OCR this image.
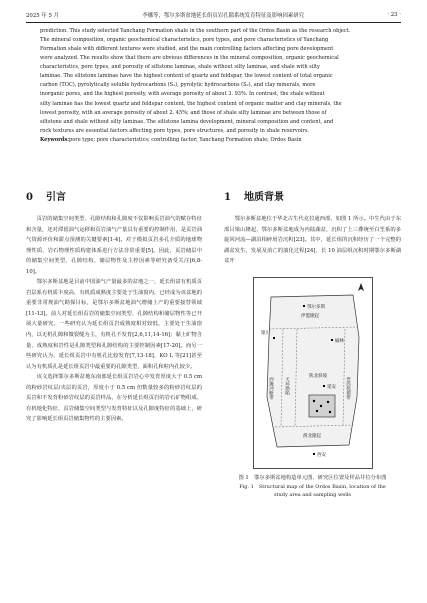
2025 年 5 月	李娜等，鄂尔多斯盆地延长组页岩孔隙系统发育特征及影响因素研究	· 23 ·

prediction. This study selected Yanchang Formation shale in the southern part of the Ordos Basin as the research object.

The mineral composition, organic geochemical characteristics, pore types, and pore characteristics of Yanchang

Formation shale with different textures were studied, and the main controlling factors affecting pore development

were analyzed. The results show that there are obvious differences in the mineral composition, organic geochemical

characteristics, pore types, and porosity of siltstone laminae, shale without silty laminae, and shale with silty

laminae. The siltstone laminae have the highest content of quartz and feldspar, the lowest content of total organic

carbon (TOC), pyrolytically soluble hydrocarbons (S₁), pyrolytic hydrocarbons (S₂), and clay minerals, more

inorganic pores, and the highest porosity, with average porosity of about 3. 93%. In contrast, the shale without

silty laminae has the lowest quartz and feldspar content, the highest content of organic matter and clay minerals, the

lowest porosity, with an average porosity of about 2. 45%; and those of shale silty laminae are between those of

siltstone and shale without silty laminae. The siltstone lamina development, mineral composition and content, and

rock textures are essential factors affecting pore types, pore structures, and porosity in shale reservoirs.

Keywords:pore type; pore characteristics; controlling factor; Yanchang Formation shale; Ordos Basin

0 引言

页岩的储集空间类型、孔隙结构和孔隙度不仅影响页岩油气的赋存特征和含量，还对滞留油气运移和页岩油气产量具有重要的控制作用，是页岩油气资源评价和甜点预测的关键要素[1-4]。对于模拟页岩多孔介质的地球物理性质、岩石物理性质构建体系进行方法非常重要[5]。因此，页岩储层中的储集空间类型、孔隙结构、储层物性及主控因素等研究备受关注[6,8-10]。

鄂尔多斯盆地是目前中国油气产量最多的盆地之一，延长组富有机质页岩层系有机质丰度高，有机质成熟度主要处于生油窗内，已经成为该盆地的重要非常规油气勘探目标，是鄂尔多斯盆地油气增储上产的重要接替领域[11-13]。前人对延长组页岩的储集空间类型、孔隙结构和储层物性等已开展大量研究。一些研究认为延长组页岩成熟度相对较低，主要处于生油窗内，以无机孔隙和微裂缝为主，有机孔不发育[2,6,11,14-16]；黏土矿物含量、成熟度和岩性是孔隙类型和孔隙结构的主要控制因素[17-20]。而另一些研究认为，延长组页岩中有机孔比较发育[7,13-18]，KO L 等[21]甚至认为有机质孔是延长组页岩中最重要的孔隙类型，面积孔和粒内孔较少。

该文选择鄂尔多斯盆地东南部延长组页岩岩心中发育厚度大于 0.5 cm 的粉砂岩纹层/夹层的页岩，厚度小于 0.5 cm 但数量较多的粉砂岩纹层的页岩和不发育粉砂岩纹层的页岩样品，在分析延长组页岩的岩石矿物组成、有机地化特征、页岩储集空间类型与发育特征以及孔隙度特征的基础上，研究了影响延长组页岩储集物性的主要因素。

1 地质背景

鄂尔多斯盆地位于华北古生代克拉通西部，如图 1 所示。中生代由于东部吕梁山隆起，鄂尔多斯盆地成为内陆湖盆，沉积了上三叠统至白垩系的多旋回河流—湖泊相碎屑岩沉积[23]。其中，延长组的沉积经历了一个完整的湖盆发生、发展及消亡的演化过程[24]，长 10 油层组沉积时期鄂尔多斯湖盆开

伊盟隆起
西缘冲断带 天环坳陷
陕北斜坡
晋西挠褶带
渭北隆起
鄂尔多斯
榆林
银川
延安
西安
图 1　鄂尔多斯盆地构造单元图、研究区位置及样品井位分布图
Fig. 1　Structural map of the Ordos Basin, location of the
study area and sampling wells
